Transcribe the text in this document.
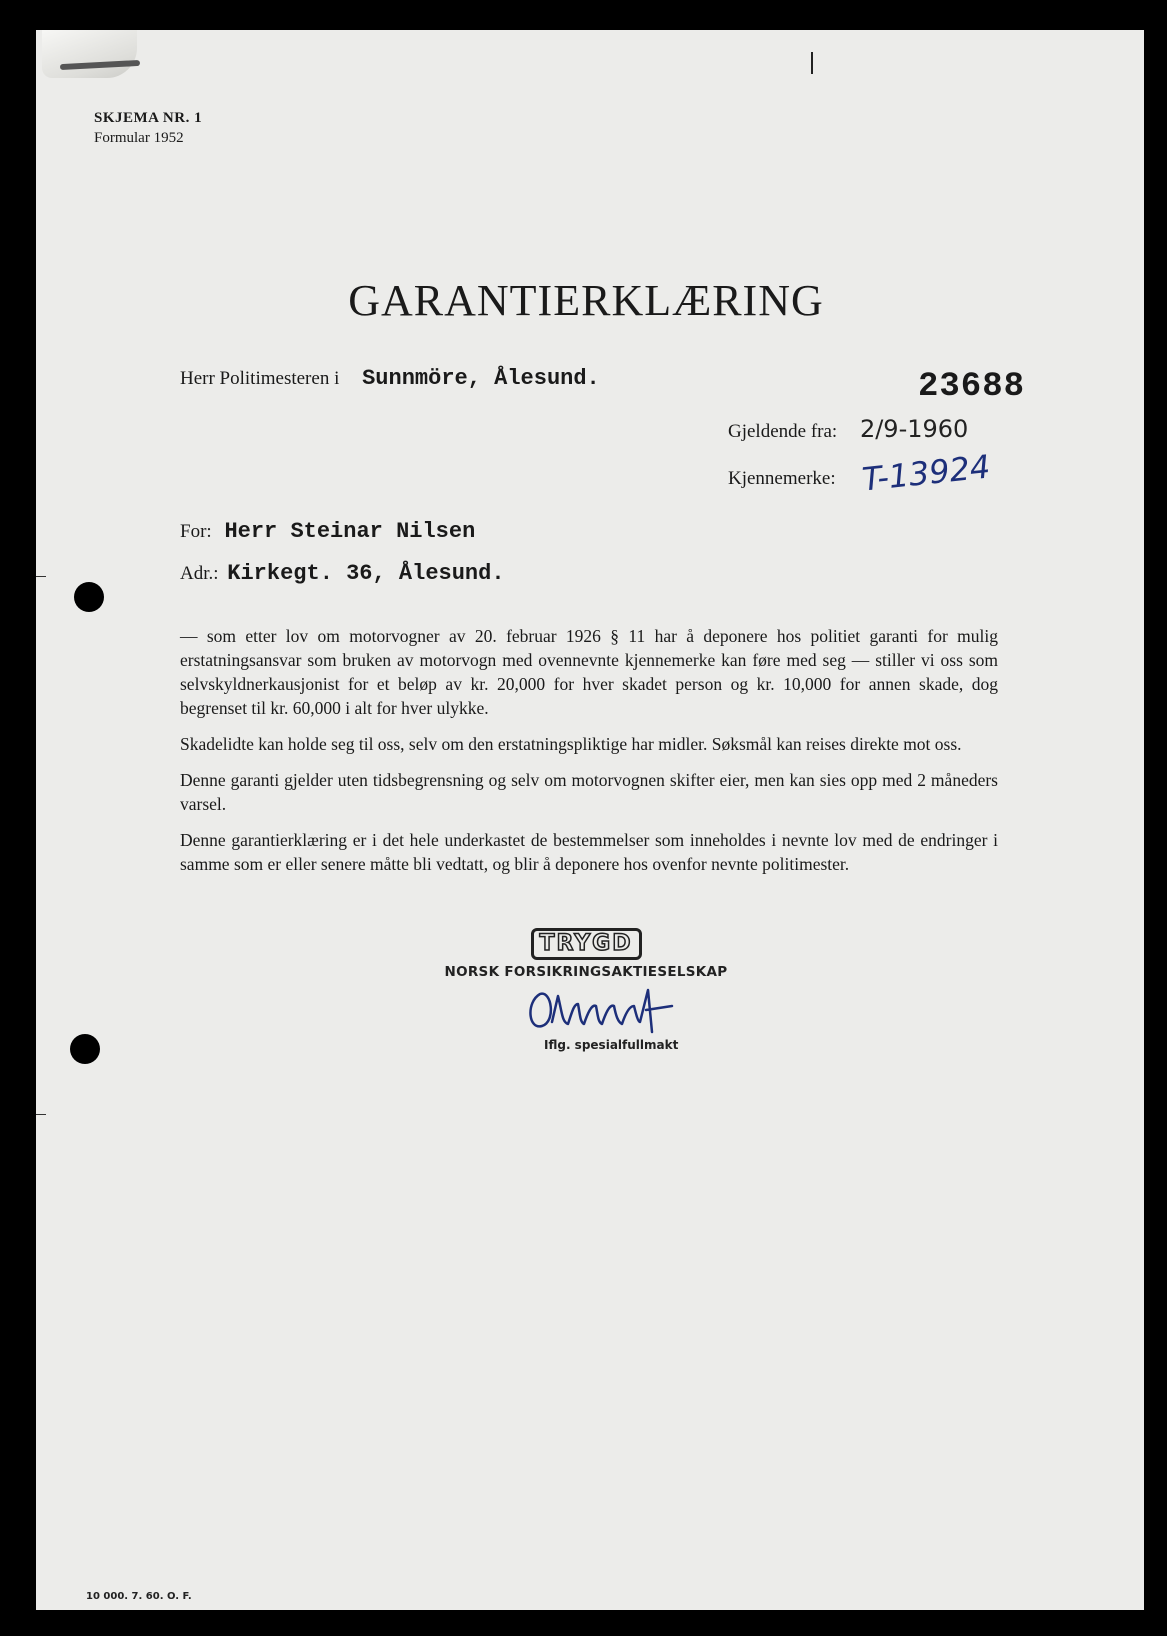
SKJEMA NR. 1
Formular 1952
GARANTIERKLÆRING
Herr Politimesteren i Sunnmöre, Ålesund.	23688
Gjeldende fra: 2/9-1960
Kjennemerke: T-13924
For: Herr Steinar Nilsen
Adr.: Kirkegt. 36, Ålesund.

— som etter lov om motorvogner av 20. februar 1926 § 11 har å deponere hos politiet garanti for mulig erstatningsansvar som bruken av motorvogn med ovennevnte kjennemerke kan føre med seg — stiller vi oss som selvskyldnerkausjonist for et beløp av kr. 20,000 for hver skadet person og kr. 10,000 for annen skade, dog begrenset til kr. 60,000 i alt for hver ulykke.

Skadelidte kan holde seg til oss, selv om den erstatningspliktige har midler. Søksmål kan reises direkte mot oss.

Denne garanti gjelder uten tidsbegrensning og selv om motorvognen skifter eier, men kan sies opp med 2 måneders varsel.

Denne garantierklæring er i det hele underkastet de bestemmelser som inneholdes i nevnte lov med de endringer i samme som er eller senere måtte bli vedtatt, og blir å deponere hos ovenfor nevnte politimester.

TRYGD
NORSK FORSIKRINGSAKTIESELSKAP
Iflg. spesialfullmakt
10 000. 7. 60. O. F.
